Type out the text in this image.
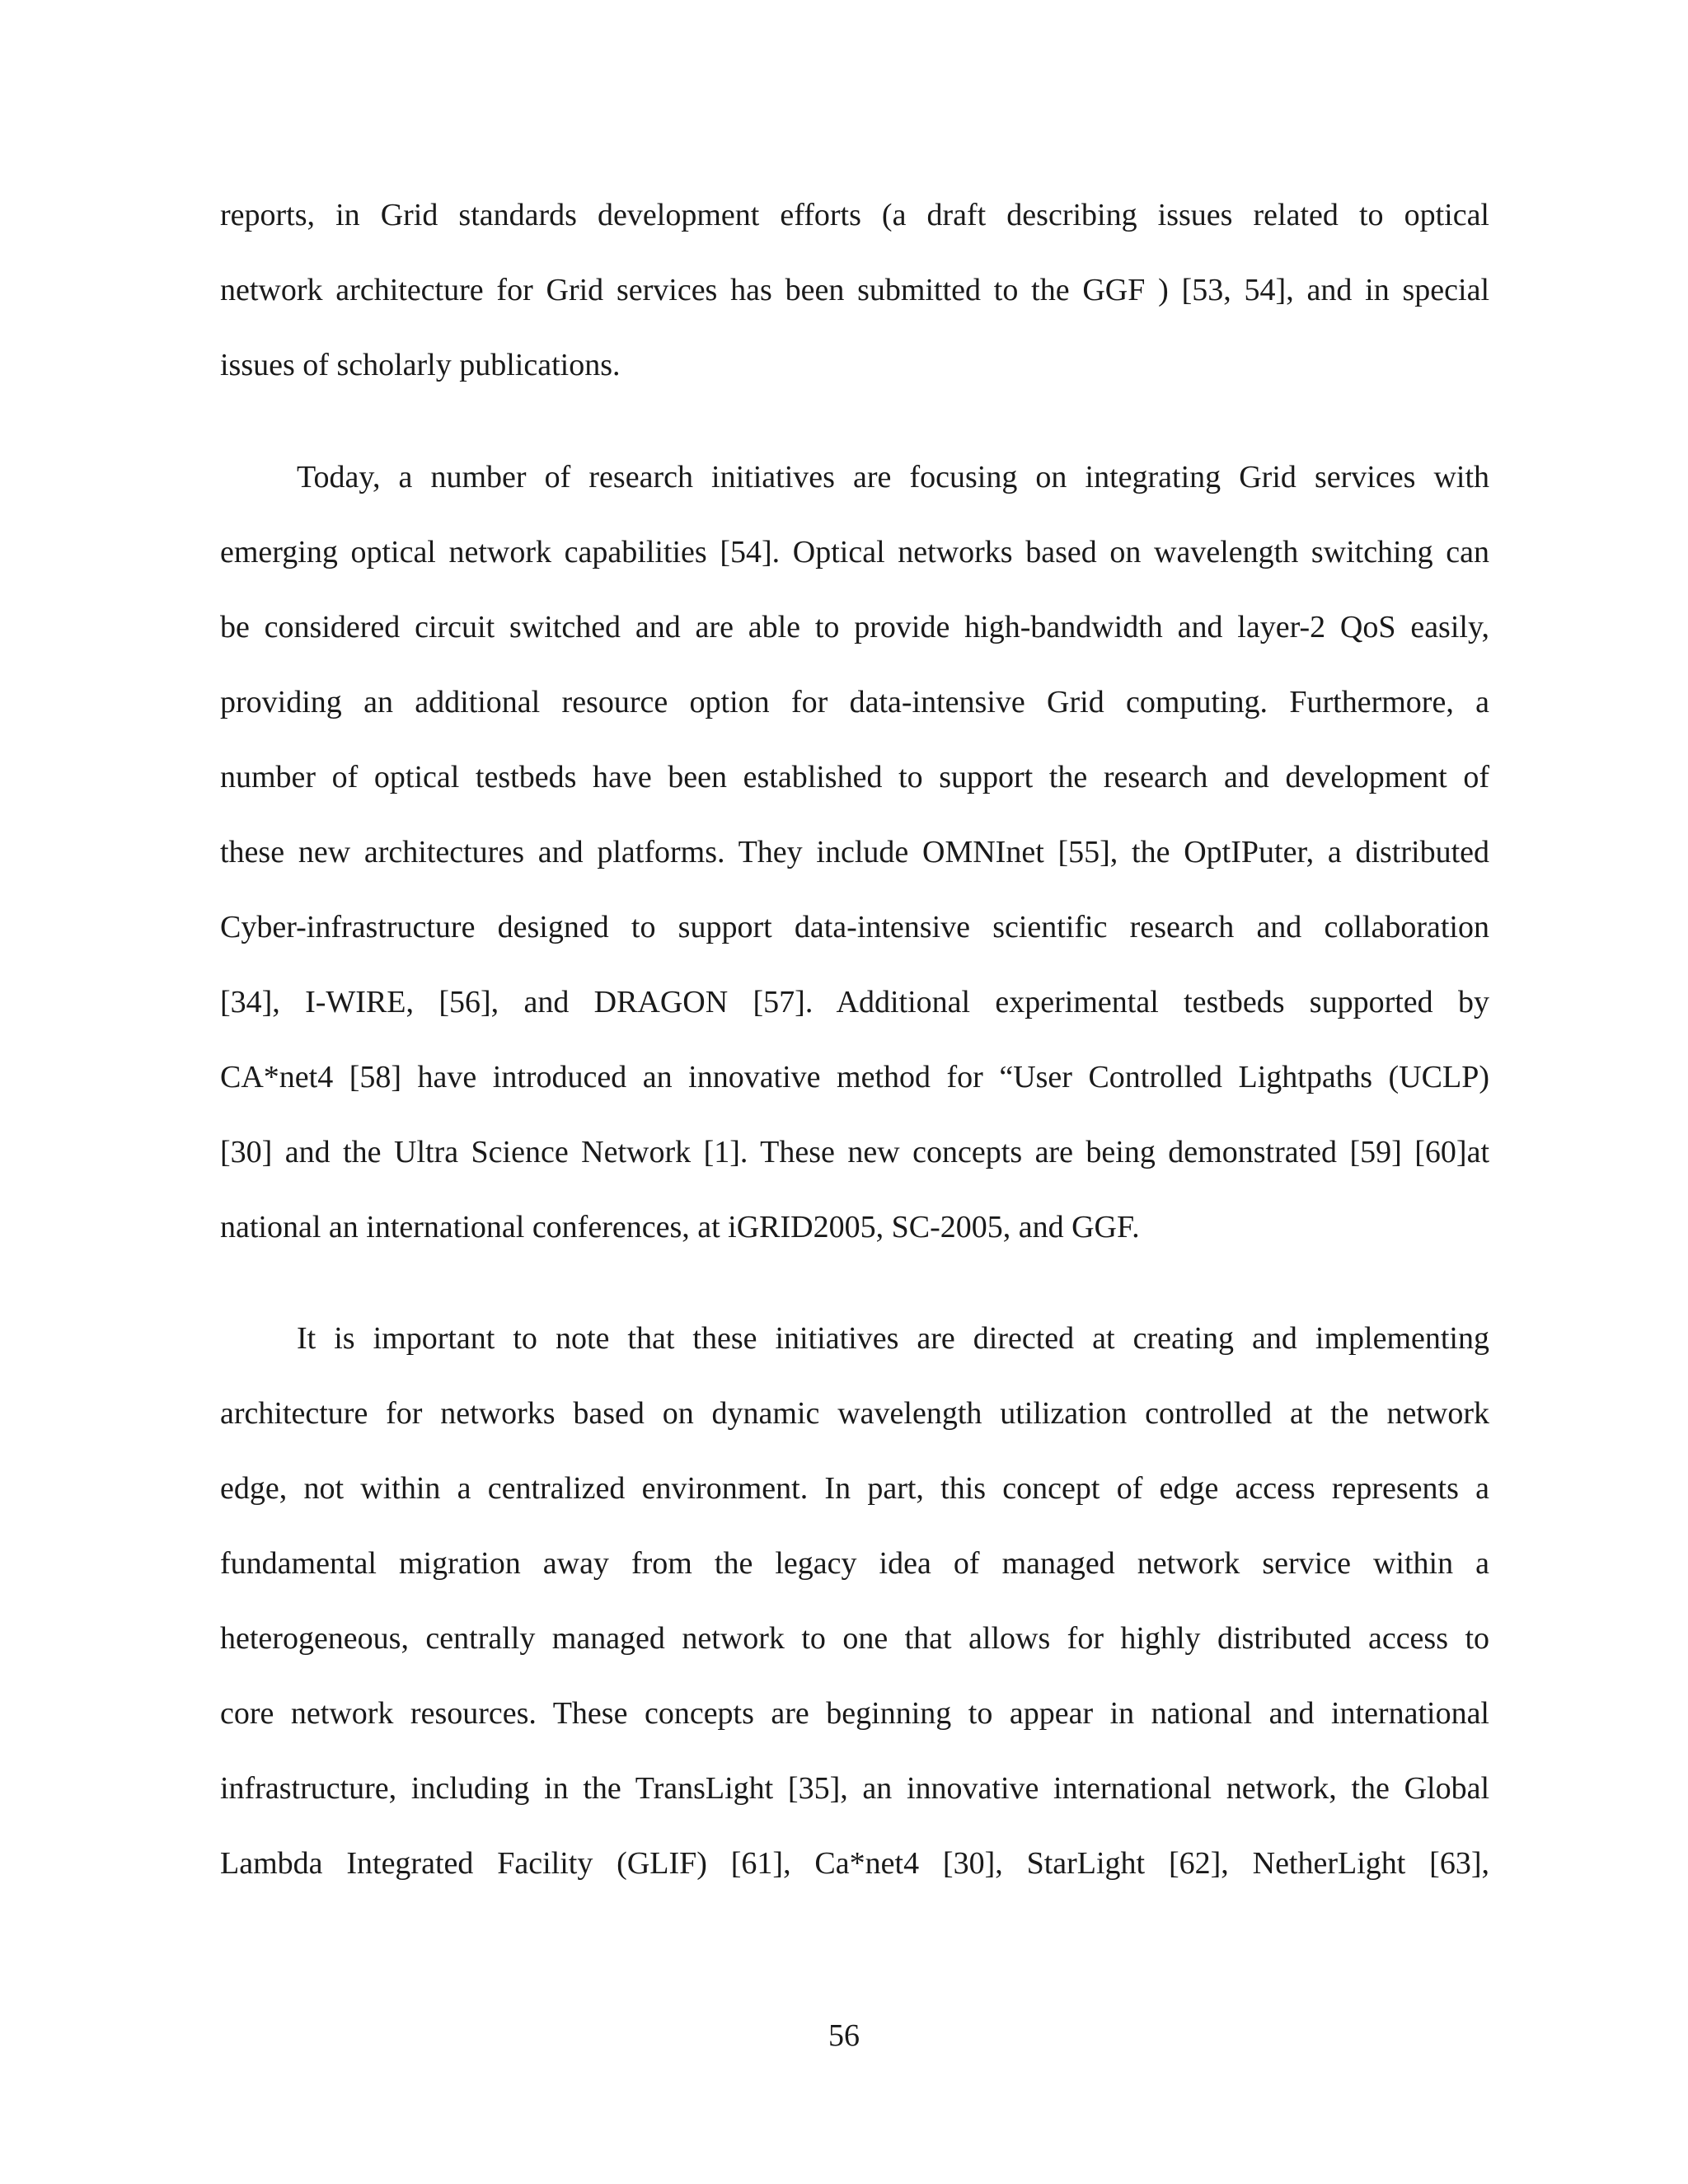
reports, in Grid standards development efforts (a draft describing issues related to optical
network architecture for Grid services has been submitted to the GGF ) [53, 54], and in special
issues of scholarly publications.
Today, a number of research initiatives are focusing on integrating Grid services with
emerging optical network capabilities [54]. Optical networks based on wavelength switching can
be considered circuit switched and are able to provide high-bandwidth and layer-2 QoS easily,
providing an additional resource option for data-intensive Grid computing. Furthermore, a
number of optical testbeds have been established to support the research and development of
these new architectures and platforms. They include OMNInet [55], the OptIPuter, a distributed
Cyber-infrastructure designed to support data-intensive scientific research and collaboration
[34], I-WIRE, [56], and DRAGON [57]. Additional experimental testbeds supported by
CA*net4 [58] have introduced an innovative method for “User Controlled Lightpaths (UCLP)
[30] and the Ultra Science Network [1]. These new concepts are being demonstrated [59] [60]at
national an international conferences, at iGRID2005, SC-2005, and GGF.
It is important to note that these initiatives are directed at creating and implementing
architecture for networks based on dynamic wavelength utilization controlled at the network
edge, not within a centralized environment. In part, this concept of edge access represents a
fundamental migration away from the legacy idea of managed network service within a
heterogeneous, centrally managed network to one that allows for highly distributed access to
core network resources. These concepts are beginning to appear in national and international
infrastructure, including in the TransLight [35], an innovative international network, the Global
Lambda Integrated Facility (GLIF) [61], Ca*net4 [30], StarLight [62], NetherLight [63],
56
